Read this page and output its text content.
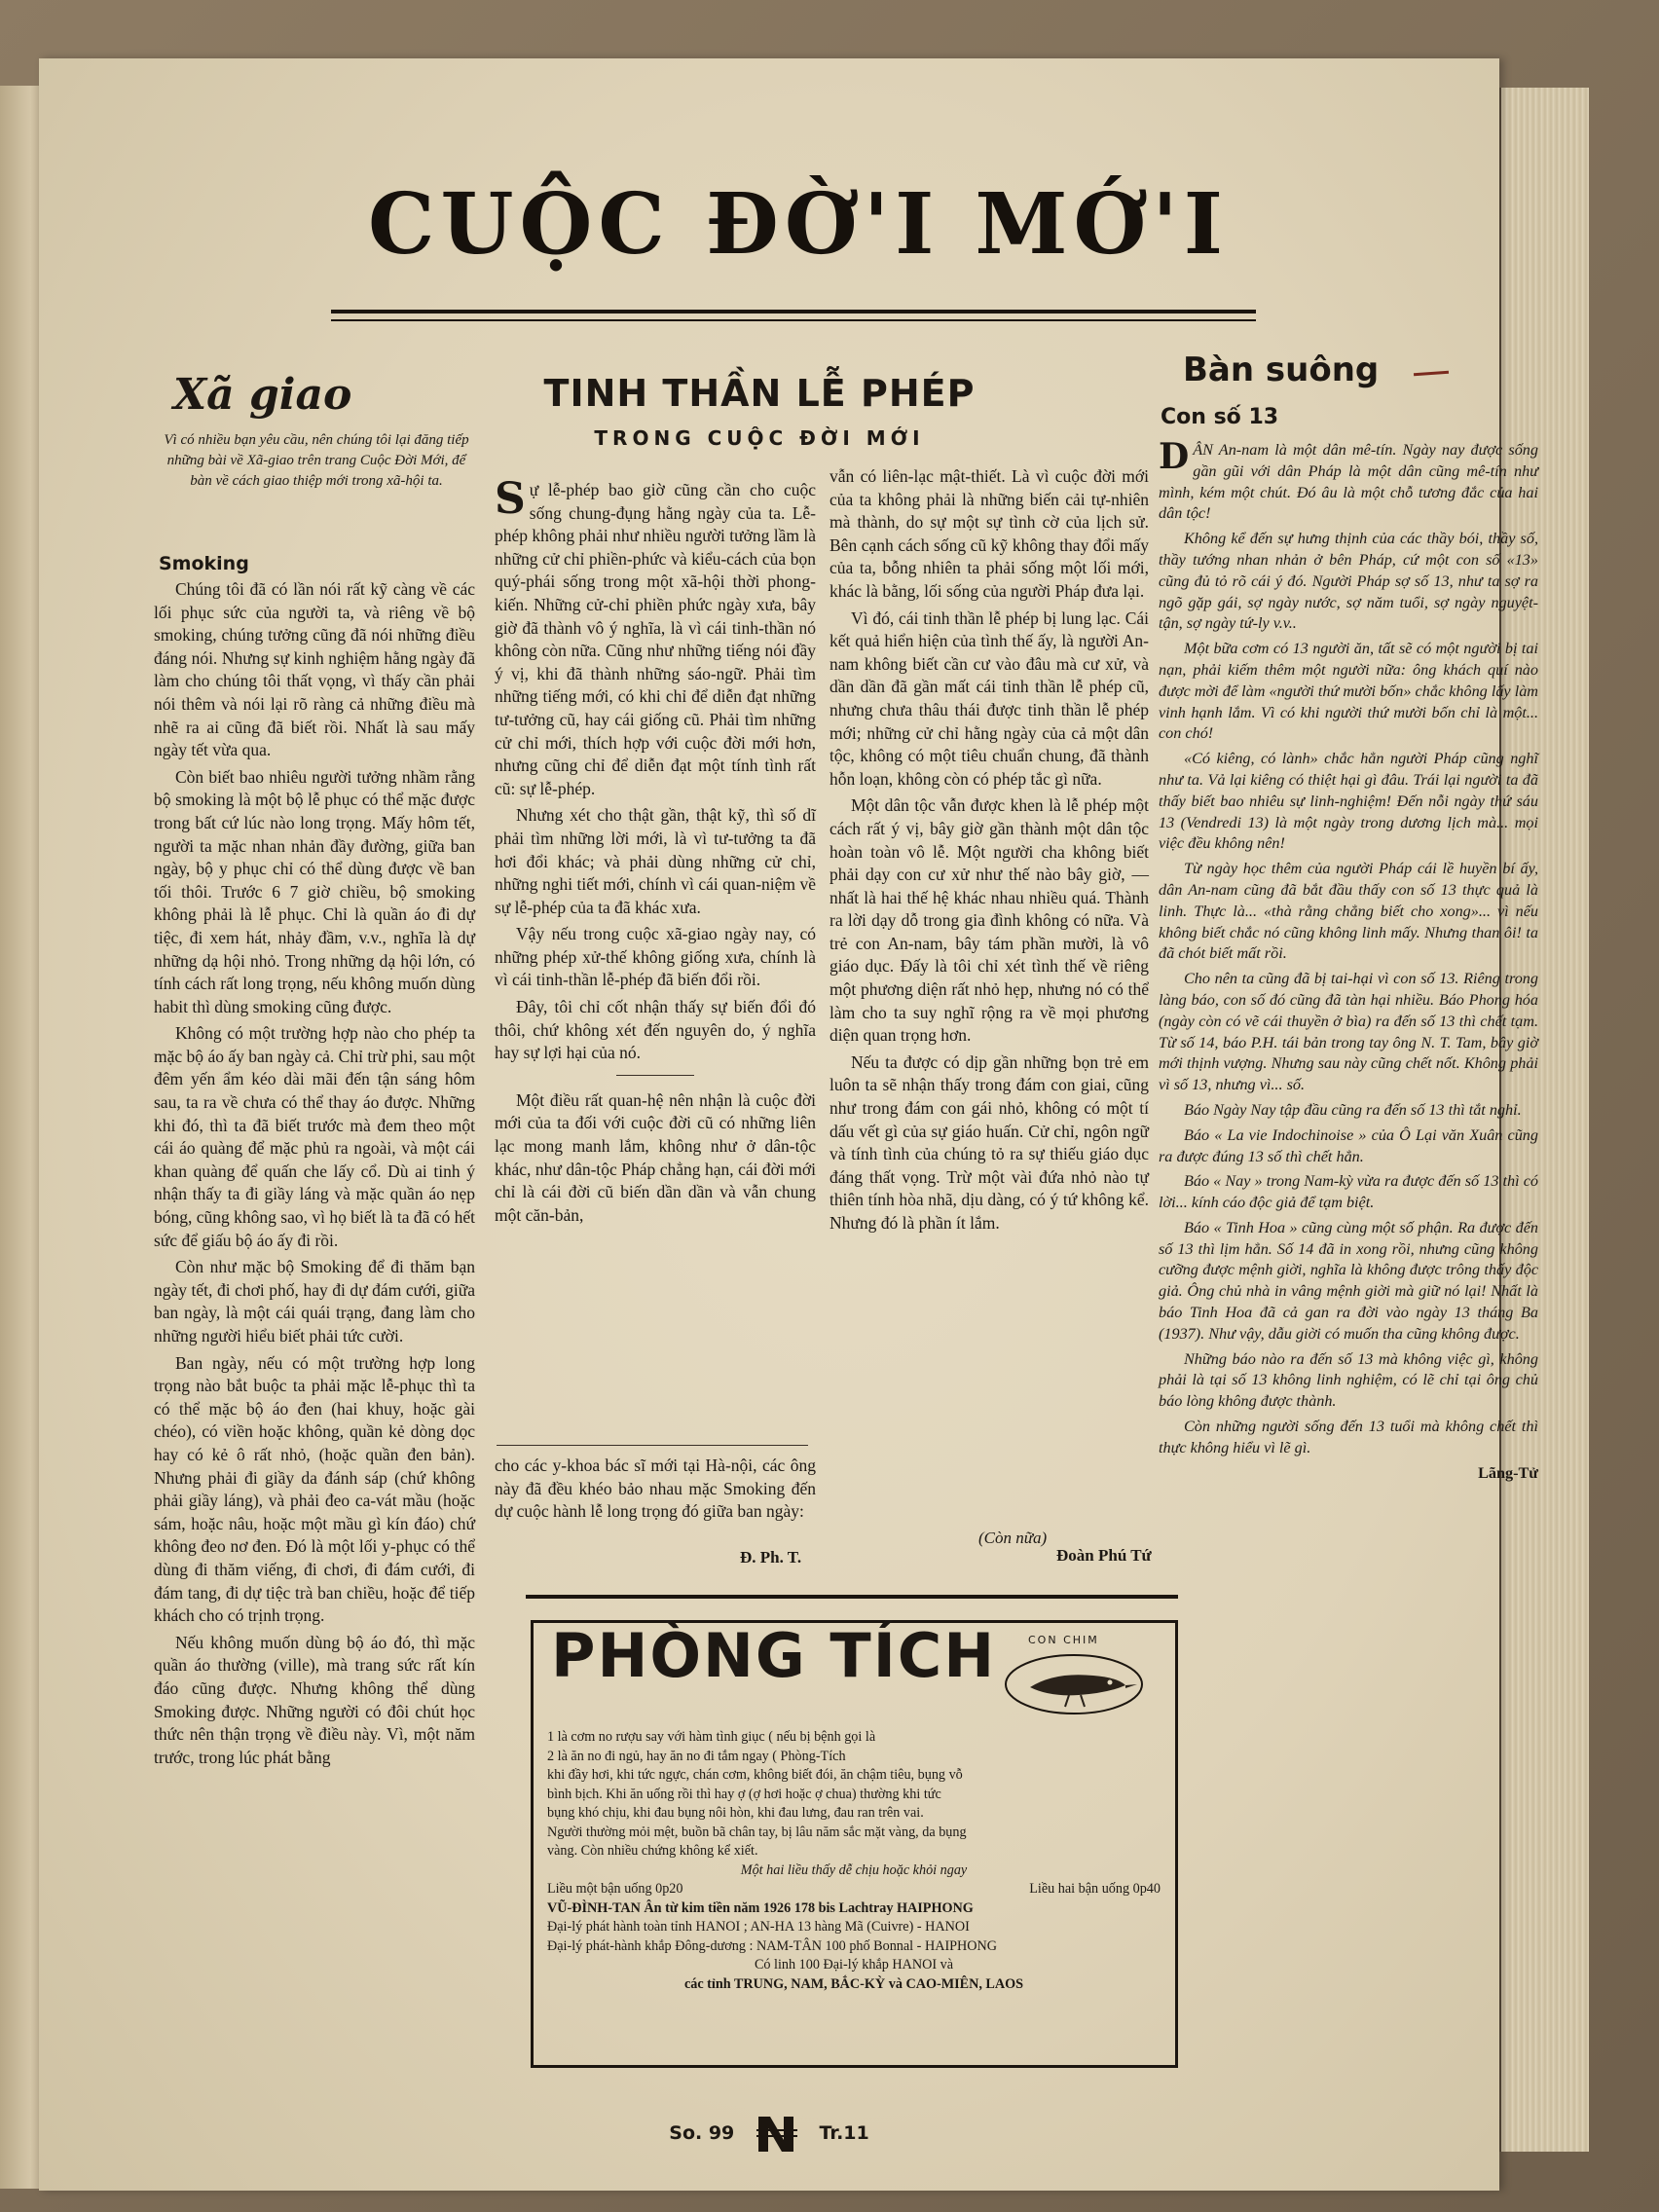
CUỘC ĐỜ'I MỚ'I
Xã giao
Vì có nhiều bạn yêu cầu, nên chúng tôi lại đăng tiếp những bài về Xã-giao trên trang Cuộc Đời Mới, để bàn về cách giao thiệp mới trong xã-hội ta.
Smoking

Chúng tôi đã có lần nói rất kỹ càng về các lối phục sức của người ta, và riêng về bộ smoking, chúng tưởng cũng đã nói những điều đáng nói. Nhưng sự kinh nghiệm hằng ngày đã làm cho chúng tôi thất vọng, vì thấy cần phải nói thêm và nói lại rõ ràng cả những điều mà nhẽ ra ai cũng đã biết rồi. Nhất là sau mấy ngày tết vừa qua.

Còn biết bao nhiêu người tưởng nhầm rằng bộ smoking là một bộ lễ phục có thể mặc được trong bất cứ lúc nào long trọng. Mấy hôm tết, người ta mặc nhan nhản đầy đường, giữa ban ngày, bộ y phục chỉ có thể dùng được về ban tối thôi. Trước 6 7 giờ chiều, bộ smoking không phải là lễ phục. Chỉ là quần áo đi dự tiệc, đi xem hát, nhảy đầm, v.v., nghĩa là dự những dạ hội nhỏ. Trong những dạ hội lớn, có tính cách rất long trọng, nếu không muốn dùng habit thì dùng smoking cũng được.

Không có một trường hợp nào cho phép ta mặc bộ áo ấy ban ngày cả. Chỉ trừ phi, sau một đêm yến ẩm kéo dài mãi đến tận sáng hôm sau, ta ra về chưa có thể thay áo được. Những khi đó, thì ta đã biết trước mà đem theo một cái áo quàng để mặc phủ ra ngoài, và một cái khan quàng để quấn che lấy cổ. Dù ai tinh ý nhận thấy ta đi giầy láng và mặc quần áo nẹp bóng, cũng không sao, vì họ biết là ta đã có hết sức để giấu bộ áo ấy đi rồi.

Còn như mặc bộ Smoking để đi thăm bạn ngày tết, đi chơi phố, hay đi dự đám cưới, giữa ban ngày, là một cái quái trạng, đang làm cho những người hiểu biết phải tức cười.

Ban ngày, nếu có một trường hợp long trọng nào bắt buộc ta phải mặc lễ-phục thì ta có thể mặc bộ áo đen (hai khuy, hoặc gài chéo), có viền hoặc không, quần kẻ dòng dọc hay có kẻ ô rất nhỏ, (hoặc quần đen bản). Nhưng phải đi giầy da đánh sáp (chứ không phải giầy láng), và phải đeo ca-vát mầu (hoặc sám, hoặc nâu, hoặc một mầu gì kín đáo) chứ không đeo nơ đen. Đó là một lối y-phục có thể dùng đi thăm viếng, đi chơi, đi đám cưới, đi đám tang, đi dự tiệc trà ban chiều, hoặc để tiếp khách cho có trịnh trọng.

Nếu không muốn dùng bộ áo đó, thì mặc quần áo thường (ville), mà trang sức rất kín đáo cũng được. Nhưng không thể dùng Smoking được. Những người có đôi chút học thức nên thận trọng về điều này. Vì, một năm trước, trong lúc phát bằng

TINH THẦN LỄ PHÉP
TRONG CUỘC ĐỜI MỚI

Sự lễ-phép bao giờ cũng cần cho cuộc sống chung-đụng hằng ngày của ta. Lễ-phép không phải như nhiều người tưởng lầm là những cử chỉ phiền-phức và kiểu-cách của bọn quý-phái sống trong một xã-hội thời phong-kiến. Những cử-chỉ phiền phức ngày xưa, bây giờ đã thành vô ý nghĩa, là vì cái tinh-thần nó không còn nữa. Cũng như những tiếng nói đầy ý vị, khi đã thành những sáo-ngữ. Phải tìm những tiếng mới, có khi chỉ để diễn đạt những tư-tưởng cũ, hay cái giống cũ. Phải tìm những cử chỉ mới, thích hợp với cuộc đời mới hơn, nhưng cũng chỉ để diễn đạt một tính tình rất cũ: sự lễ-phép.

Nhưng xét cho thật gần, thật kỹ, thì số dĩ phải tìm những lời mới, là vì tư-tưởng ta đã hơi đổi khác; và phải dùng những cử chỉ, những nghi tiết mới, chính vì cái quan-niệm về sự lễ-phép của ta đã khác xưa.

Vậy nếu trong cuộc xã-giao ngày nay, có những phép xử-thế không giống xưa, chính là vì cái tinh-thần lễ-phép đã biến đổi rồi.

Đây, tôi chỉ cốt nhận thấy sự biến đổi đó thôi, chứ không xét đến nguyên do, ý nghĩa hay sự lợi hại của nó.

Một điều rất quan-hệ nên nhận là cuộc đời mới của ta đối với cuộc đời cũ có những liên lạc mong manh lắm, không như ở dân-tộc khác, như dân-tộc Pháp chẳng hạn, cái đời mới chỉ là cái đời cũ biến dần dần và vẫn chung một căn-bản,

vẫn có liên-lạc mật-thiết. Là vì cuộc đời mới của ta không phải là những biến cải tự-nhiên mà thành, do sự một sự tình cờ của lịch sử. Bên cạnh cách sống cũ kỹ không thay đổi mấy của ta, bỗng nhiên ta phải sống một lối mới, khác là bằng, lối sống của người Pháp đưa lại.

Vì đó, cái tinh thần lễ phép bị lung lạc. Cái kết quả hiển hiện của tình thế ấy, là người An-nam không biết cần cư vào đâu mà cư xử, và dần dần đã gần mất cái tinh thần lễ phép cũ, nhưng chưa thâu thái được tinh thần lễ phép mới; những cử chỉ hằng ngày của cả một dân tộc, không có một tiêu chuẩn chung, đã thành hỗn loạn, không còn có phép tắc gì nữa.

Một dân tộc vẫn được khen là lễ phép một cách rất ý vị, bây giờ gần thành một dân tộc hoàn toàn vô lễ. Một người cha không biết phải dạy con cư xử như thế nào bây giờ, — nhất là hai thế hệ khác nhau nhiều quá. Thành ra lời dạy dỗ trong gia đình không có nữa. Và trẻ con An-nam, bây tám phần mười, là vô giáo dục. Đấy là tôi chỉ xét tình thế về riêng một phương diện rất nhỏ hẹp, nhưng nó có thể làm cho ta suy nghĩ rộng ra về mọi phương diện quan trọng hơn.

Nếu ta được có dịp gần những bọn trẻ em luôn ta sẽ nhận thấy trong đám con giai, cũng như trong đám con gái nhỏ, không có một tí dấu vết gì của sự giáo huấn. Cử chỉ, ngôn ngữ và tính tình của chúng tỏ ra sự thiếu giáo dục đáng thất vọng. Trừ một vài đứa nhỏ nào tự thiên tính hòa nhã, dịu dàng, có ý tứ không kể. Nhưng đó là phần ít lắm.

cho các y-khoa bác sĩ mới tại Hà-nội, các ông này đã đều khéo bảo nhau mặc Smoking đến dự cuộc hành lễ long trọng đó giữa ban ngày:

Đ. Ph. T.
(Còn nữa)
Đoàn Phú Tứ
Bàn suông
Con số 13

DÂN An-nam là một dân mê-tín. Ngày nay được sống gần gũi với dân Pháp là một dân cũng mê-tín như mình, kém một chút. Đó âu là một chỗ tương đắc của hai dân tộc!

Không kể đến sự hưng thịnh của các thầy bói, thầy số, thầy tướng nhan nhản ở bên Pháp, cứ một con số «13» cũng đủ tỏ rõ cái ý đó. Người Pháp sợ số 13, như ta sợ ra ngõ gặp gái, sợ ngày nước, sợ năm tuổi, sợ ngày nguyệt-tận, sợ ngày tứ-ly v.v..

Một bữa cơm có 13 người ăn, tất sẽ có một người bị tai nạn, phải kiếm thêm một người nữa: ông khách quí nào được mời để làm «người thứ mười bốn» chắc không lấy làm vinh hạnh lắm. Vì có khi người thứ mười bốn chỉ là một... con chó!

«Có kiêng, có lành» chắc hẳn người Pháp cũng nghĩ như ta. Vả lại kiêng có thiệt hại gì đâu. Trái lại người ta đã thấy biết bao nhiêu sự linh-nghiệm! Đến nỗi ngày thứ sáu 13 (Vendredi 13) là một ngày trong dương lịch mà... mọi việc đều không nên!

Từ ngày học thêm của người Pháp cái lề huyền bí ấy, dân An-nam cũng đã bắt đầu thấy con số 13 thực quả là linh. Thực là... «thà rằng chẳng biết cho xong»... vì nếu không biết chắc nó cũng không linh mấy. Nhưng than ôi! ta đã chót biết mất rồi.

Cho nên ta cũng đã bị tai-hại vì con số 13. Riêng trong làng báo, con số đó cũng đã tàn hại nhiều. Báo Phong hóa (ngày còn có vẽ cái thuyền ở bìa) ra đến số 13 thì chết tạm. Từ số 14, báo P.H. tái bản trong tay ông N. T. Tam, bây giờ mới thịnh vượng. Nhưng sau này cũng chết nốt. Không phải vì số 13, nhưng vì... số.

Báo Ngày Nay tập đầu cũng ra đến số 13 thì tắt nghỉ.

Báo « La vie Indochinoise » của Ô Lại văn Xuân cũng ra được đúng 13 số thì chết hẳn.

Báo « Nay » trong Nam-kỳ vừa ra được đến số 13 thì có lời... kính cáo độc giả để tạm biệt.

Báo « Tinh Hoa » cũng cùng một số phận. Ra được đến số 13 thì lịm hẳn. Số 14 đã in xong rồi, nhưng cũng không cưỡng được mệnh giời, nghĩa là không được trông thấy độc giả. Ông chủ nhà in vâng mệnh giời mà giữ nó lại! Nhất là báo Tinh Hoa đã cả gan ra đời vào ngày 13 tháng Ba (1937). Như vậy, dẫu giời có muốn tha cũng không được.

Những báo nào ra đến số 13 mà không việc gì, không phải là tại số 13 không linh nghiệm, có lẽ chỉ tại ông chủ báo lòng không được thành.

Còn những người sống đến 13 tuổi mà không chết thì thực không hiểu vì lẽ gì.

Lãng-Tử

PHÒNG TÍCH	CON CHIM
1 là cơm no rượu say với hàm tình giục ( nếu bị bệnh gọi là
2 là ăn no đi ngủ, hay ăn no đi tắm ngay ( Phòng-Tích
khi đầy hơi, khi tức ngực, chán cơm, không biết đói, ăn chậm tiêu, bụng vỗ
bình bịch. Khi ăn uống rồi thì hay ợ (ợ hơi hoặc ợ chua) thường khi tức
bụng khó chịu, khi đau bụng nôi hòn, khi đau lưng, đau ran trên vai.
Người thường mỏi mệt, buồn bã chân tay, bị lâu năm sắc mặt vàng, da bụng
vàng. Còn nhiều chứng không kể xiết.
Một hai liều thấy dễ chịu hoặc khỏi ngay
Liều một bận uống 0p20	Liều hai bận uống 0p40
VŨ-ĐÌNH-TAN Ân từ kim tiền năm 1926 178 bis Lachtray HAIPHONG
Đại-lý phát hành toàn tỉnh HANOI ; AN-HA 13 hàng Mã (Cuivre) - HANOI
Đại-lý phát-hành khắp Đông-dương : NAM-TÂN 100 phố Bonnal - HAIPHONG
Có linh 100 Đại-lý khắp HANOI và
các tỉnh TRUNG, NAM, BẮC-KỲ và CAO-MIÊN, LAOS
So. 99	Tr.11
